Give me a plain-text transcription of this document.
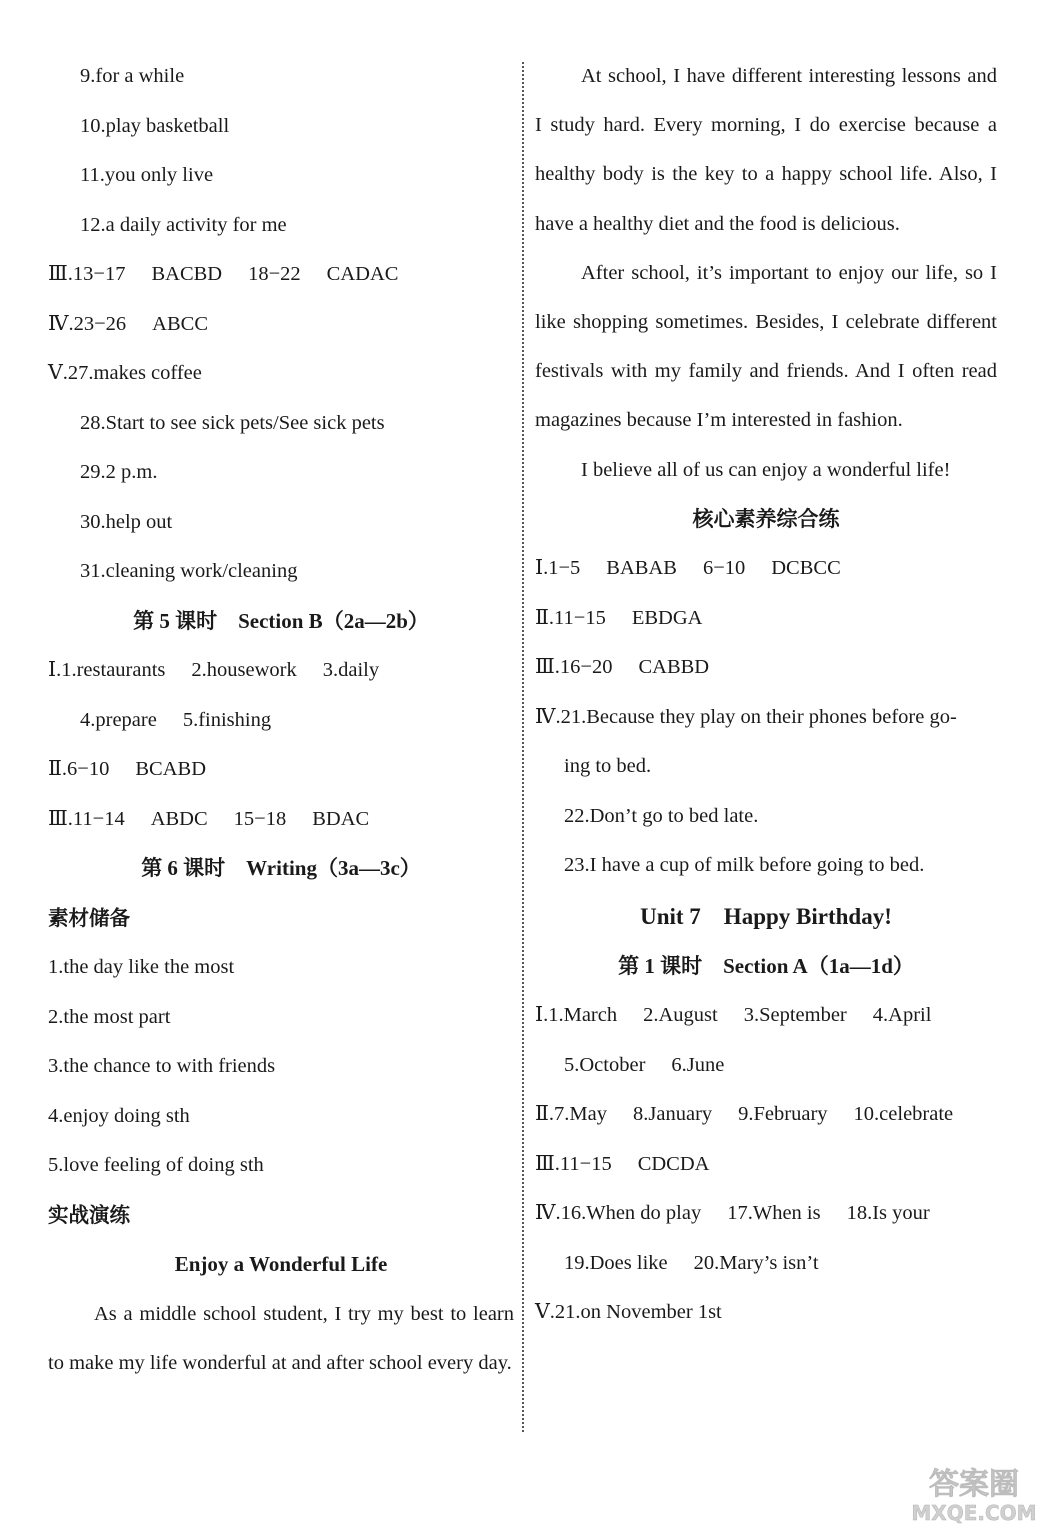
9.for a while
10.play basketball
11.you only live
12.a daily activity for me
Ⅲ.13−17 BACBD 18−22 CADAC
Ⅳ.23−26 ABCC
Ⅴ.27.makes coffee
28.Start to see sick pets/See sick pets
29.2 p.m.
30.help out
31.cleaning work/cleaning
第 5 课时　Section B（2a—2b）
Ⅰ.1.restaurants 2.housework 3.daily
4.prepare 5.finishing
Ⅱ.6−10 BCABD
Ⅲ.11−14 ABDC 15−18 BDAC
第 6 课时　Writing（3a—3c）
素材储备
1.the day like the most
2.the most part
3.the chance to with friends
4.enjoy doing sth
5.love feeling of doing sth
实战演练
Enjoy a Wonderful Life
As a middle school student, I try my best to learn to make my life wonderful at and after school every day.
At school, I have different interesting lessons and I study hard. Every morning, I do exercise because a healthy body is the key to a happy school life. Also, I have a healthy diet and the food is delicious.
After school, it’s important to enjoy our life, so I like shopping sometimes. Besides, I celebrate different festivals with my family and friends. And I often read magazines because I’m interested in fashion.
I believe all of us can enjoy a wonderful life!
核心素养综合练
Ⅰ.1−5 BABAB 6−10 DCBCC
Ⅱ.11−15 EBDGA
Ⅲ.16−20 CABBD
Ⅳ.21.Because they play on their phones before go-
ing to bed.
22.Don’t go to bed late.
23.I have a cup of milk before going to bed.
Unit 7　Happy Birthday!
第 1 课时　Section A（1a—1d）
Ⅰ.1.March 2.August 3.September 4.April
5.October 6.June
Ⅱ.7.May 8.January 9.February 10.celebrate
Ⅲ.11−15 CDCDA
Ⅳ.16.When do play 17.When is 18.Is your
19.Does like 20.Mary’s isn’t
Ⅴ.21.on November 1st
答案圈
MXQE.COM
